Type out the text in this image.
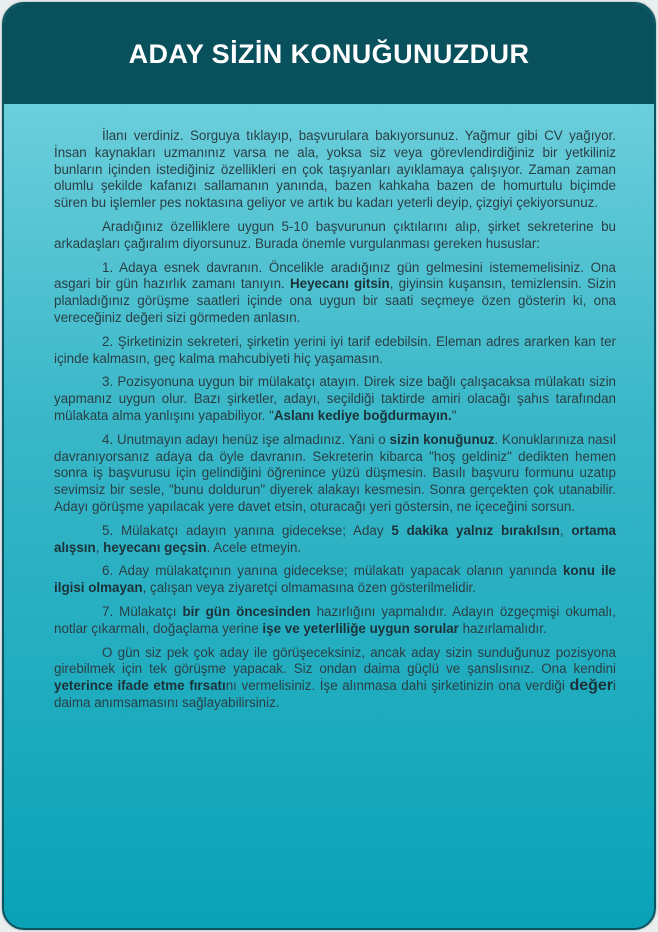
ADAY SİZİN KONUĞUNUZDUR

İlanı verdiniz. Sorguya tıklayıp, başvurulara bakıyorsunuz. Yağmur gibi CV yağıyor. İnsan kaynakları uzmanınız varsa ne ala, yoksa siz veya görevlendirdiğiniz bir yetkiliniz bunların içinden istediğiniz özellikleri en çok taşıyanları ayıklamaya çalışıyor. Zaman zaman olumlu şekilde kafanızı sallamanın yanında, bazen kahkaha bazen de homurtulu biçimde süren bu işlemler pes noktasına geliyor ve artık bu kadarı yeterli deyip, çizgiyi çekiyorsunuz.

Aradığınız özelliklere uygun 5-10 başvurunun çıktılarını alıp, şirket sekreterine bu arkadaşları çağıralım diyorsunuz. Burada önemle vurgulanması gereken hususlar:

1. Adaya esnek davranın. Öncelikle aradığınız gün gelmesini istememelisiniz. Ona asgari bir gün hazırlık zamanı tanıyın. Heyecanı gitsin, giyinsin kuşansın, temizlensin. Sizin planladığınız görüşme saatleri içinde ona uygun bir saati seçmeye özen gösterin ki, ona vereceğiniz değeri sizi görmeden anlasın.

2. Şirketinizin sekreteri, şirketin yerini iyi tarif edebilsin. Eleman adres ararken kan ter içinde kalmasın, geç kalma mahcubiyeti hiç yaşamasın.

3. Pozisyonuna uygun bir mülakatçı atayın. Direk size bağlı çalışacaksa mülakatı sizin yapmanız uygun olur. Bazı şirketler, adayı, seçildiği taktirde amiri olacağı şahıs tarafından mülakata alma yanlışını yapabiliyor. "Aslanı kediye boğdurmayın."

4. Unutmayın adayı henüz işe almadınız. Yani o sizin konuğunuz. Konuklarınıza nasıl davranıyorsanız adaya da öyle davranın. Sekreterin kibarca "hoş geldiniz" dedikten hemen sonra iş başvurusu için gelindiğini öğrenince yüzü düşmesin. Basılı başvuru formunu uzatıp sevimsiz bir sesle, "bunu doldurun" diyerek alakayı kesmesin. Sonra gerçekten çok utanabilir. Adayı görüşme yapılacak yere davet etsin, oturacağı yeri göstersin, ne içeceğini sorsun.

5. Mülakatçı adayın yanına gidecekse; Aday 5 dakika yalnız bırakılsın, ortama alışsın, heyecanı geçsin. Acele etmeyin.

6. Aday mülakatçının yanına gidecekse; mülakatı yapacak olanın yanında konu ile ilgisi olmayan, çalışan veya ziyaretçi olmamasına özen gösterilmelidir.

7. Mülakatçı bir gün öncesinden hazırlığını yapmalıdır. Adayın özgeçmişi okumalı, notlar çıkarmalı, doğaçlama yerine işe ve yeterliliğe uygun sorular hazırlamalıdır.

O gün siz pek çok aday ile görüşeceksiniz, ancak aday sizin sunduğunuz pozisyona girebilmek için tek görüşme yapacak. Siz ondan daima güçlü ve şanslısınız. Ona kendini yeterince ifade etme fırsatını vermelisiniz. İşe alınmasa dahi şirketinizin ona verdiği değeri daima anımsamasını sağlayabilirsiniz.
